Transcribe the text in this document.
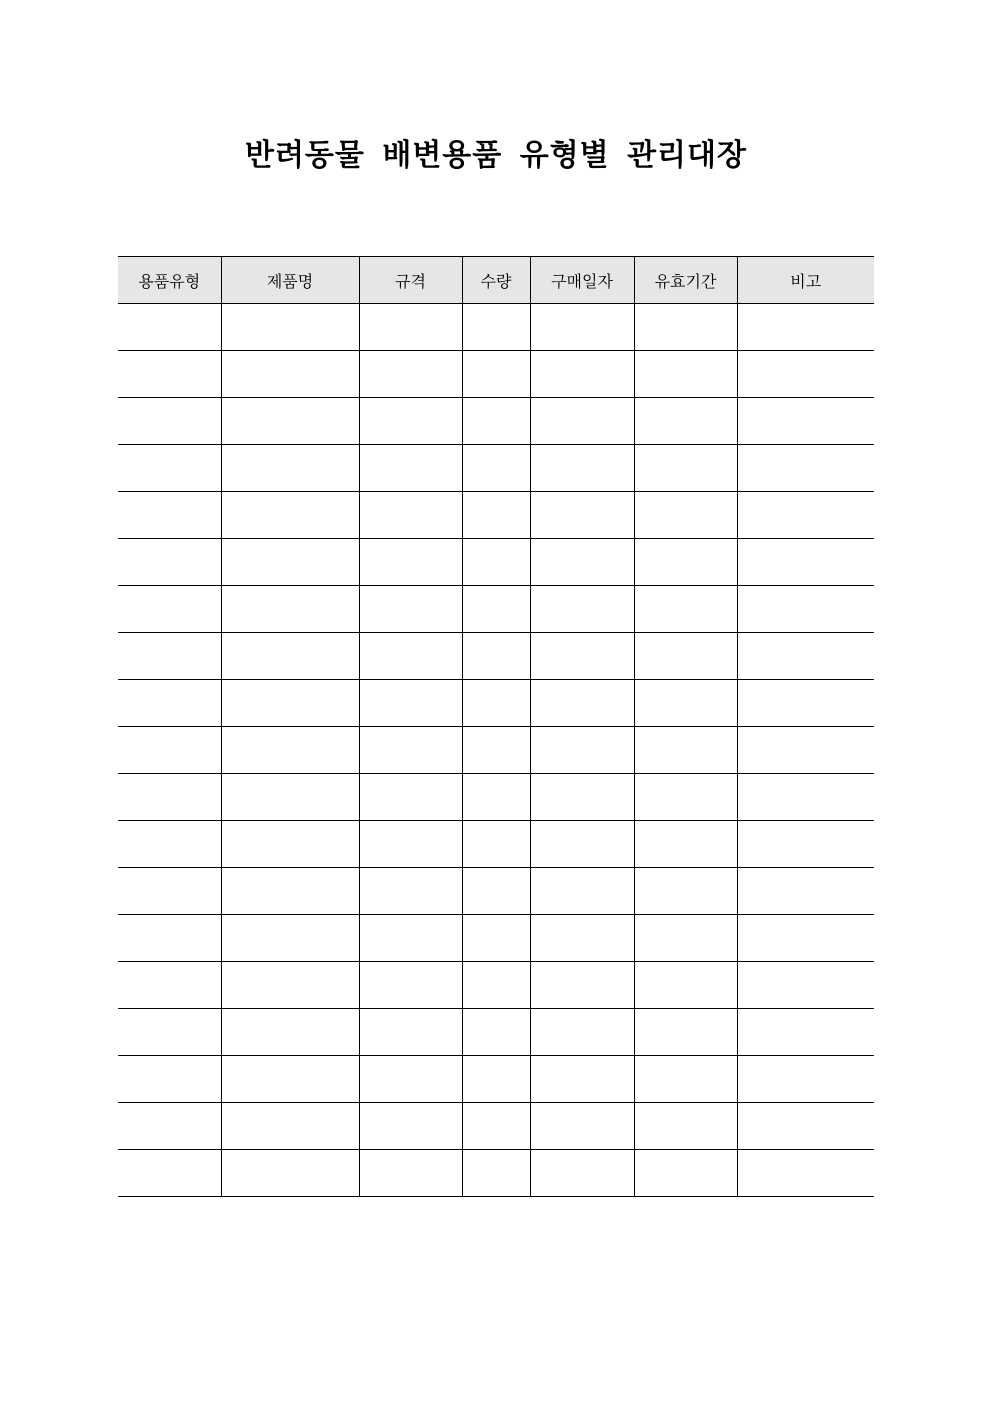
반려동물 배변용품 유형별 관리대장
용품유형	제품명	규격	수량	구매일자	유효기간	비고
